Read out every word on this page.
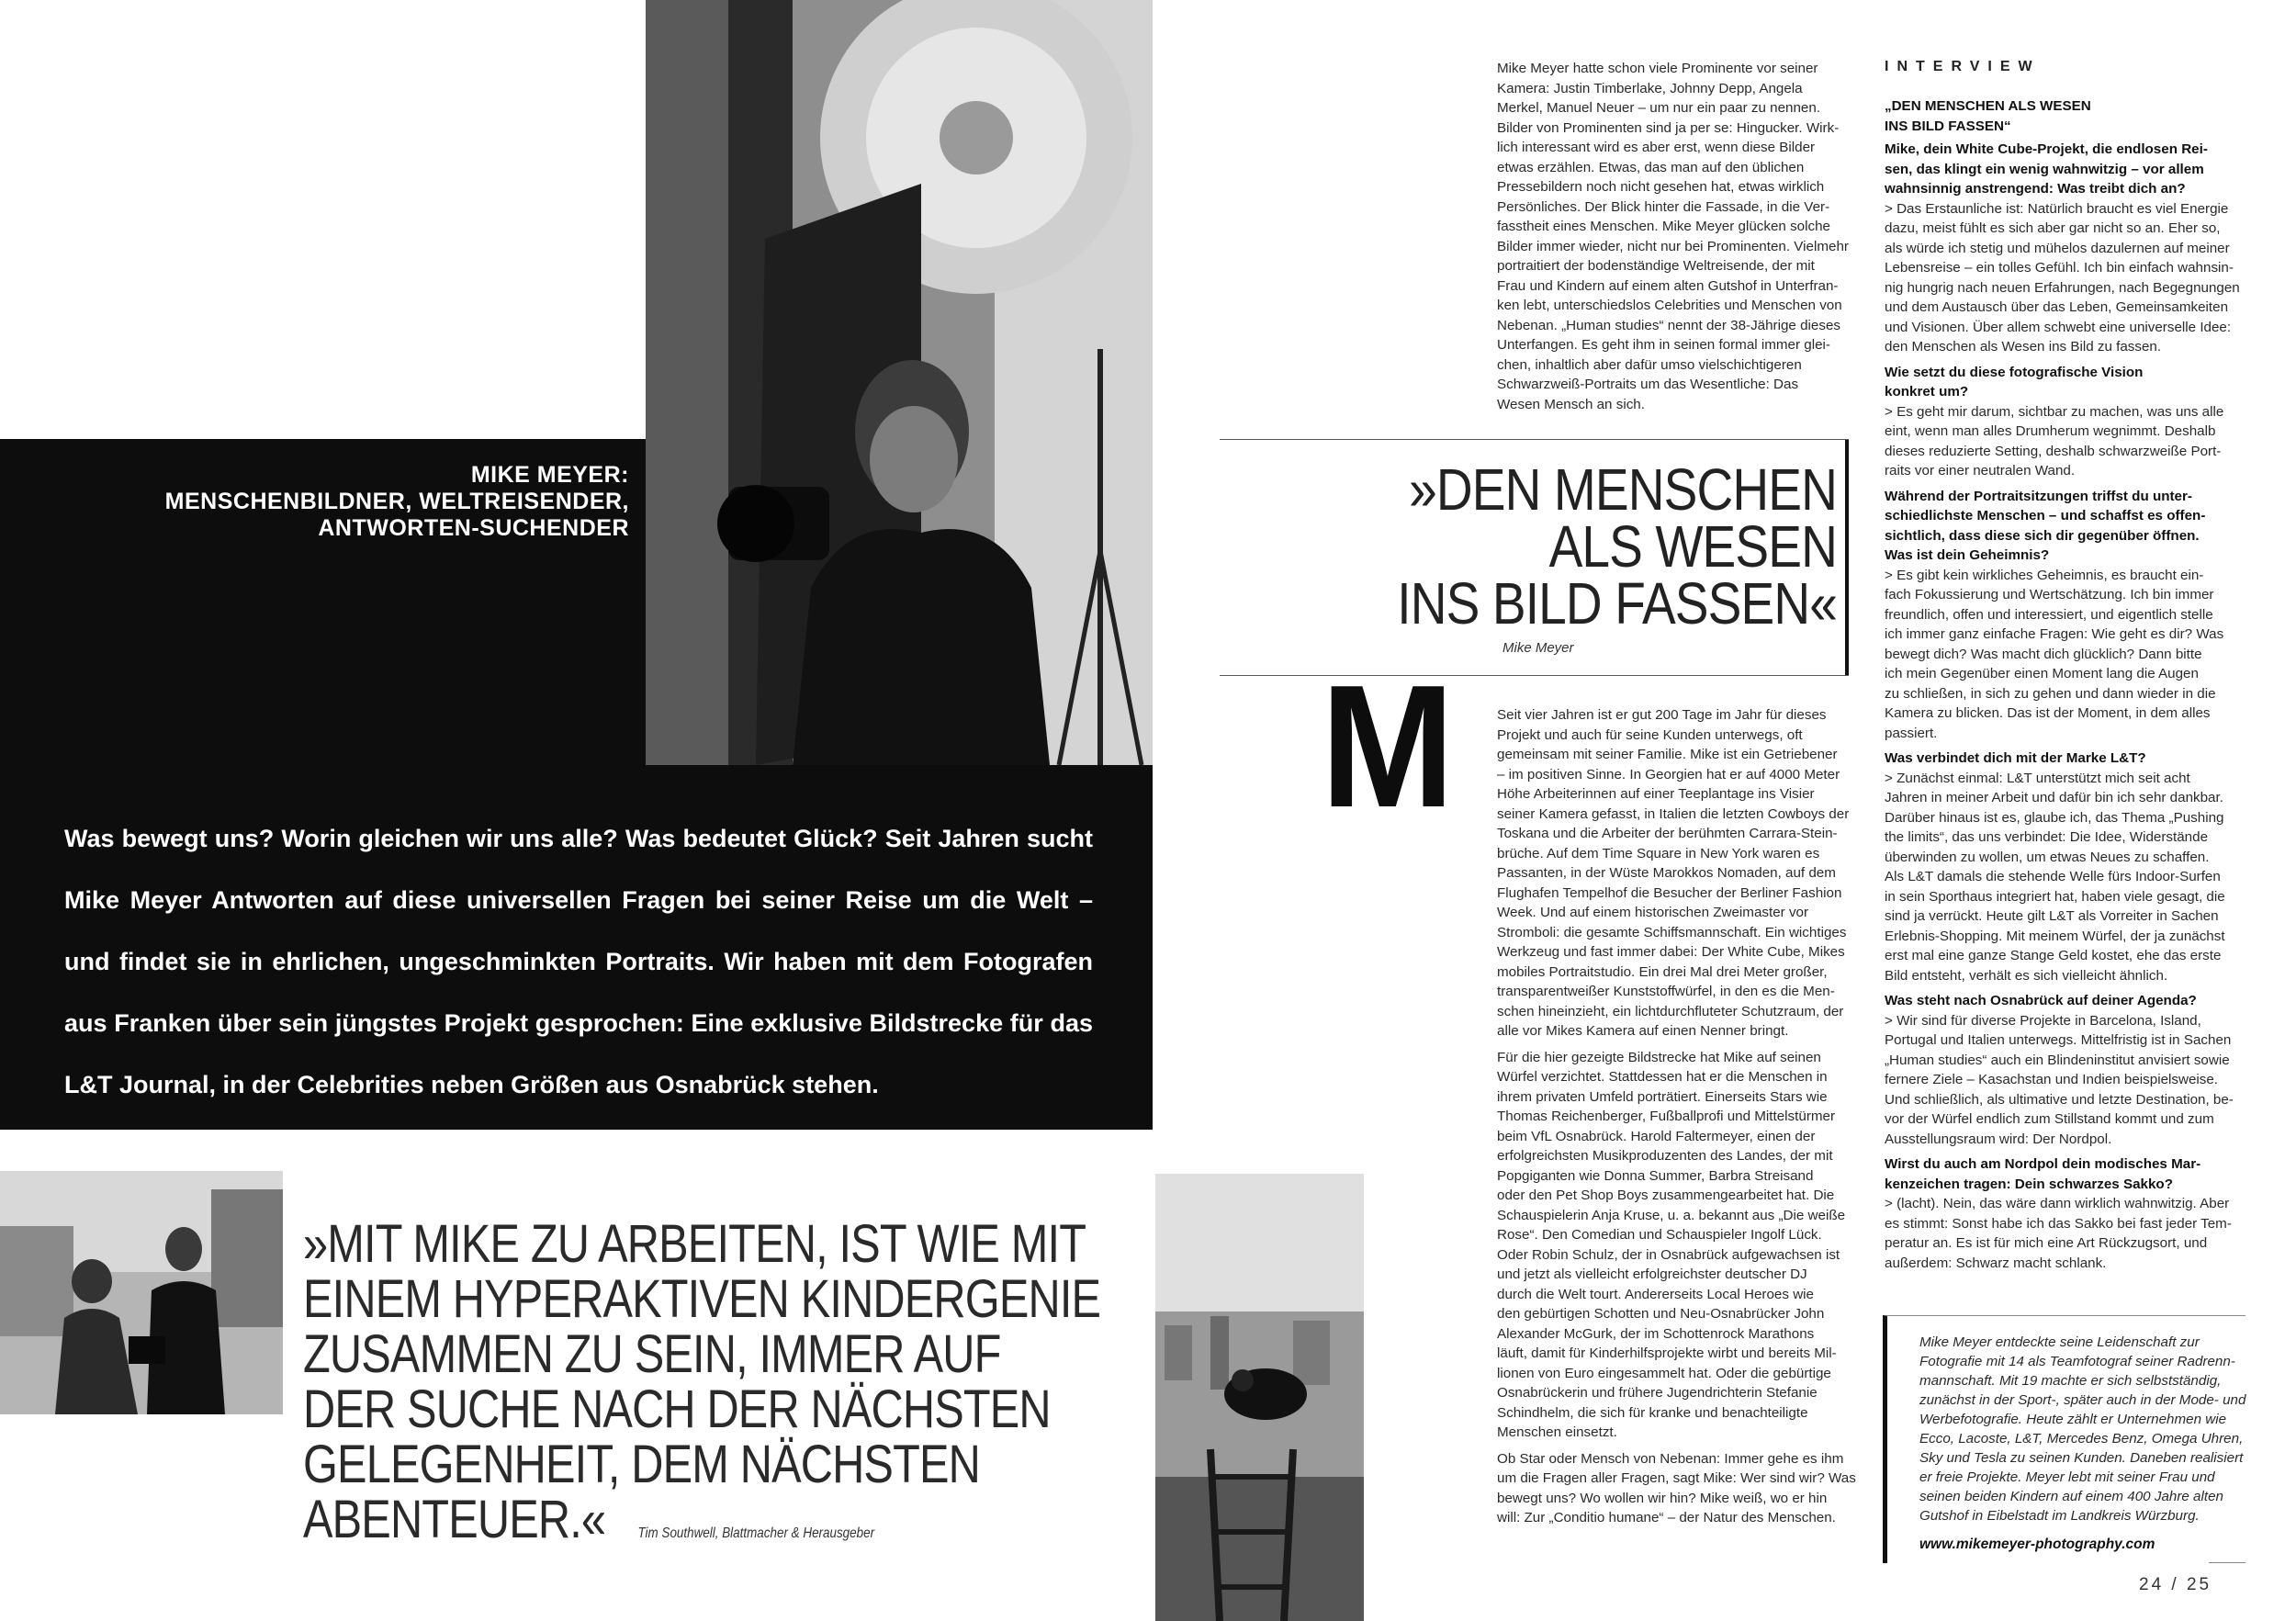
MIKE MEYER:
MENSCHENBILDNER, WELTREISENDER,
ANTWORTEN-SUCHENDER
Was bewegt uns? Worin gleichen wir uns alle? Was bedeutet Glück? Seit Jahren sucht
Mike Meyer Antworten auf diese universellen Fragen bei seiner Reise um die Welt –
und findet sie in ehrlichen, ungeschminkten Portraits. Wir haben mit dem Fotografen
aus Franken über sein jüngstes Projekt gesprochen: Eine exklusive Bildstrecke für das
L&T Journal, in der Celebrities neben Größen aus Osnabrück stehen.
»MIT MIKE ZU ARBEITEN, IST WIE MIT
EINEM HYPERAKTIVEN KINDERGENIE
ZUSAMMEN ZU SEIN, IMMER AUF
DER SUCHE NACH DER NÄCHSTEN
GELEGENHEIT, DEM NÄCHSTEN
ABENTEUER.« Tim Southwell, Blattmacher & Herausgeber
Mike Meyer hatte schon viele Prominente vor seiner
Kamera: Justin Timberlake, Johnny Depp, Angela
Merkel, Manuel Neuer – um nur ein paar zu nennen.
Bilder von Prominenten sind ja per se: Hingucker. Wirk-
lich interessant wird es aber erst, wenn diese Bilder
etwas erzählen. Etwas, das man auf den üblichen
Pressebildern noch nicht gesehen hat, etwas wirklich
Persönliches. Der Blick hinter die Fassade, in die Ver-
fasstheit eines Menschen. Mike Meyer glücken solche
Bilder immer wieder, nicht nur bei Prominenten. Vielmehr
portraitiert der bodenständige Weltreisende, der mit
Frau und Kindern auf einem alten Gutshof in Unterfran-
ken lebt, unterschiedslos Celebrities und Menschen von
Nebenan. „Human studies“ nennt der 38-Jährige dieses
Unterfangen. Es geht ihm in seinen formal immer glei-
chen, inhaltlich aber dafür umso vielschichtigeren
Schwarzweiß-Portraits um das Wesentliche: Das
Wesen Mensch an sich.
»DEN MENSCHEN
ALS WESEN
INS BILD FASSEN«
Mike Meyer
M	Seit vier Jahren ist er gut 200 Tage im Jahr für dieses
Projekt und auch für seine Kunden unterwegs, oft
gemeinsam mit seiner Familie. Mike ist ein Getriebener
– im positiven Sinne. In Georgien hat er auf 4000 Meter
Höhe Arbeiterinnen auf einer Teeplantage ins Visier
seiner Kamera gefasst, in Italien die letzten Cowboys der
Toskana und die Arbeiter der berühmten Carrara-Stein-
brüche. Auf dem Time Square in New York waren es
Passanten, in der Wüste Marokkos Nomaden, auf dem
Flughafen Tempelhof die Besucher der Berliner Fashion
Week. Und auf einem historischen Zweimaster vor
Stromboli: die gesamte Schiffsmannschaft. Ein wichtiges
Werkzeug und fast immer dabei: Der White Cube, Mikes
mobiles Portraitstudio. Ein drei Mal drei Meter großer,
transparentweißer Kunststoffwürfel, in den es die Men-
schen hineinzieht, ein lichtdurchfluteter Schutzraum, der
alle vor Mikes Kamera auf einen Nenner bringt.

Für die hier gezeigte Bildstrecke hat Mike auf seinen
Würfel verzichtet. Stattdessen hat er die Menschen in
ihrem privaten Umfeld porträtiert. Einerseits Stars wie
Thomas Reichenberger, Fußballprofi und Mittelstürmer
beim VfL Osnabrück. Harold Faltermeyer, einen der
erfolgreichsten Musikproduzenten des Landes, der mit
Popgiganten wie Donna Summer, Barbra Streisand
oder den Pet Shop Boys zusammengearbeitet hat. Die
Schauspielerin Anja Kruse, u. a. bekannt aus „Die weiße
Rose“. Den Comedian und Schauspieler Ingolf Lück.
Oder Robin Schulz, der in Osnabrück aufgewachsen ist
und jetzt als vielleicht erfolgreichster deutscher DJ
durch die Welt tourt. Andererseits Local Heroes wie
den gebürtigen Schotten und Neu-Osnabrücker John
Alexander McGurk, der im Schottenrock Marathons
läuft, damit für Kinderhilfsprojekte wirbt und bereits Mil-
lionen von Euro eingesammelt hat. Oder die gebürtige
Osnabrückerin und frühere Jugendrichterin Stefanie
Schindhelm, die sich für kranke und benachteiligte
Menschen einsetzt.

Ob Star oder Mensch von Nebenan: Immer gehe es ihm
um die Fragen aller Fragen, sagt Mike: Wer sind wir? Was
bewegt uns? Wo wollen wir hin? Mike weiß, wo er hin
will: Zur „Conditio humane“ – der Natur des Menschen.

INTERVIEW

„DEN MENSCHEN ALS WESEN
INS BILD FASSEN“

Mike, dein White Cube-Projekt, die endlosen Rei-
sen, das klingt ein wenig wahnwitzig – vor allem
wahnsinnig anstrengend: Was treibt dich an?

> Das Erstaunliche ist: Natürlich braucht es viel Energie
dazu, meist fühlt es sich aber gar nicht so an. Eher so,
als würde ich stetig und mühelos dazulernen auf meiner
Lebensreise – ein tolles Gefühl. Ich bin einfach wahnsin-
nig hungrig nach neuen Erfahrungen, nach Begegnungen
und dem Austausch über das Leben, Gemeinsamkeiten
und Visionen. Über allem schwebt eine universelle Idee:
den Menschen als Wesen ins Bild zu fassen.

Wie setzt du diese fotografische Vision
konkret um?

> Es geht mir darum, sichtbar zu machen, was uns alle
eint, wenn man alles Drumherum wegnimmt. Deshalb
dieses reduzierte Setting, deshalb schwarzweiße Port-
raits vor einer neutralen Wand.

Während der Portraitsitzungen triffst du unter-
schiedlichste Menschen – und schaffst es offen-
sichtlich, dass diese sich dir gegenüber öffnen.
Was ist dein Geheimnis?

> Es gibt kein wirkliches Geheimnis, es braucht ein-
fach Fokussierung und Wertschätzung. Ich bin immer
freundlich, offen und interessiert, und eigentlich stelle
ich immer ganz einfache Fragen: Wie geht es dir? Was
bewegt dich? Was macht dich glücklich? Dann bitte
ich mein Gegenüber einen Moment lang die Augen
zu schließen, in sich zu gehen und dann wieder in die
Kamera zu blicken. Das ist der Moment, in dem alles
passiert.

Was verbindet dich mit der Marke L&T?

> Zunächst einmal: L&T unterstützt mich seit acht
Jahren in meiner Arbeit und dafür bin ich sehr dankbar.
Darüber hinaus ist es, glaube ich, das Thema „Pushing
the limits“, das uns verbindet: Die Idee, Widerstände
überwinden zu wollen, um etwas Neues zu schaffen.
Als L&T damals die stehende Welle fürs Indoor-Surfen
in sein Sporthaus integriert hat, haben viele gesagt, die
sind ja verrückt. Heute gilt L&T als Vorreiter in Sachen
Erlebnis-Shopping. Mit meinem Würfel, der ja zunächst
erst mal eine ganze Stange Geld kostet, ehe das erste
Bild entsteht, verhält es sich vielleicht ähnlich.

Was steht nach Osnabrück auf deiner Agenda?

> Wir sind für diverse Projekte in Barcelona, Island,
Portugal und Italien unterwegs. Mittelfristig ist in Sachen
„Human studies“ auch ein Blindeninstitut anvisiert sowie
fernere Ziele – Kasachstan und Indien beispielsweise.
Und schließlich, als ultimative und letzte Destination, be-
vor der Würfel endlich zum Stillstand kommt und zum
Ausstellungsraum wird: Der Nordpol.

Wirst du auch am Nordpol dein modisches Mar-
kenzeichen tragen: Dein schwarzes Sakko?

> (lacht). Nein, das wäre dann wirklich wahnwitzig. Aber
es stimmt: Sonst habe ich das Sakko bei fast jeder Tem-
peratur an. Es ist für mich eine Art Rückzugsort, und
außerdem: Schwarz macht schlank.

Mike Meyer entdeckte seine Leidenschaft zur
Fotografie mit 14 als Teamfotograf seiner Radrenn-
mannschaft. Mit 19 machte er sich selbstständig,
zunächst in der Sport-, später auch in der Mode- und
Werbefotografie. Heute zählt er Unternehmen wie
Ecco, Lacoste, L&T, Mercedes Benz, Omega Uhren,
Sky und Tesla zu seinen Kunden. Daneben realisiert
er freie Projekte. Meyer lebt mit seiner Frau und
seinen beiden Kindern auf einem 400 Jahre alten
Gutshof in Eibelstadt im Landkreis Würzburg.
www.mikemeyer-photography.com
24 / 25
